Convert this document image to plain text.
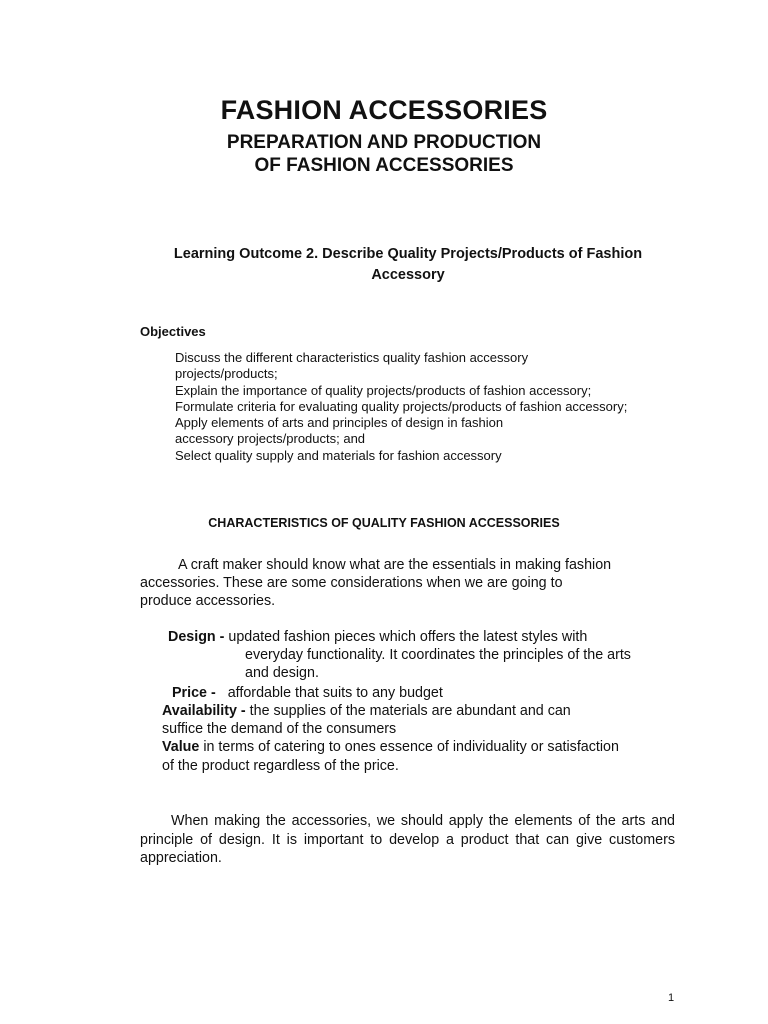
FASHION ACCESSORIES
PREPARATION AND PRODUCTION
OF FASHION ACCESSORIES
Learning Outcome 2. Describe Quality Projects/Products of Fashion Accessory
Objectives
Discuss the different characteristics quality fashion accessory
projects/products;
Explain the importance of quality projects/products of fashion accessory;
Formulate criteria for evaluating quality projects/products of fashion accessory;
Apply elements of arts and principles of design in fashion
accessory projects/products; and
Select quality supply and materials for fashion accessory
CHARACTERISTICS OF QUALITY FASHION ACCESSORIES
A craft maker should know what are the essentials in making fashion
accessories. These are some considerations when we are going to
produce accessories.
Design - updated fashion pieces which offers the latest styles with
everyday functionality. It coordinates the principles of the arts
and design.
Price - affordable that suits to any budget
Availability - the supplies of the materials are abundant and can
suffice the demand of the consumers
Value in terms of catering to ones essence of individuality or satisfaction
of the product regardless of the price.
When making the accessories, we should apply the elements of the arts and principle of design. It is important to develop a product that can give customers appreciation.
1
